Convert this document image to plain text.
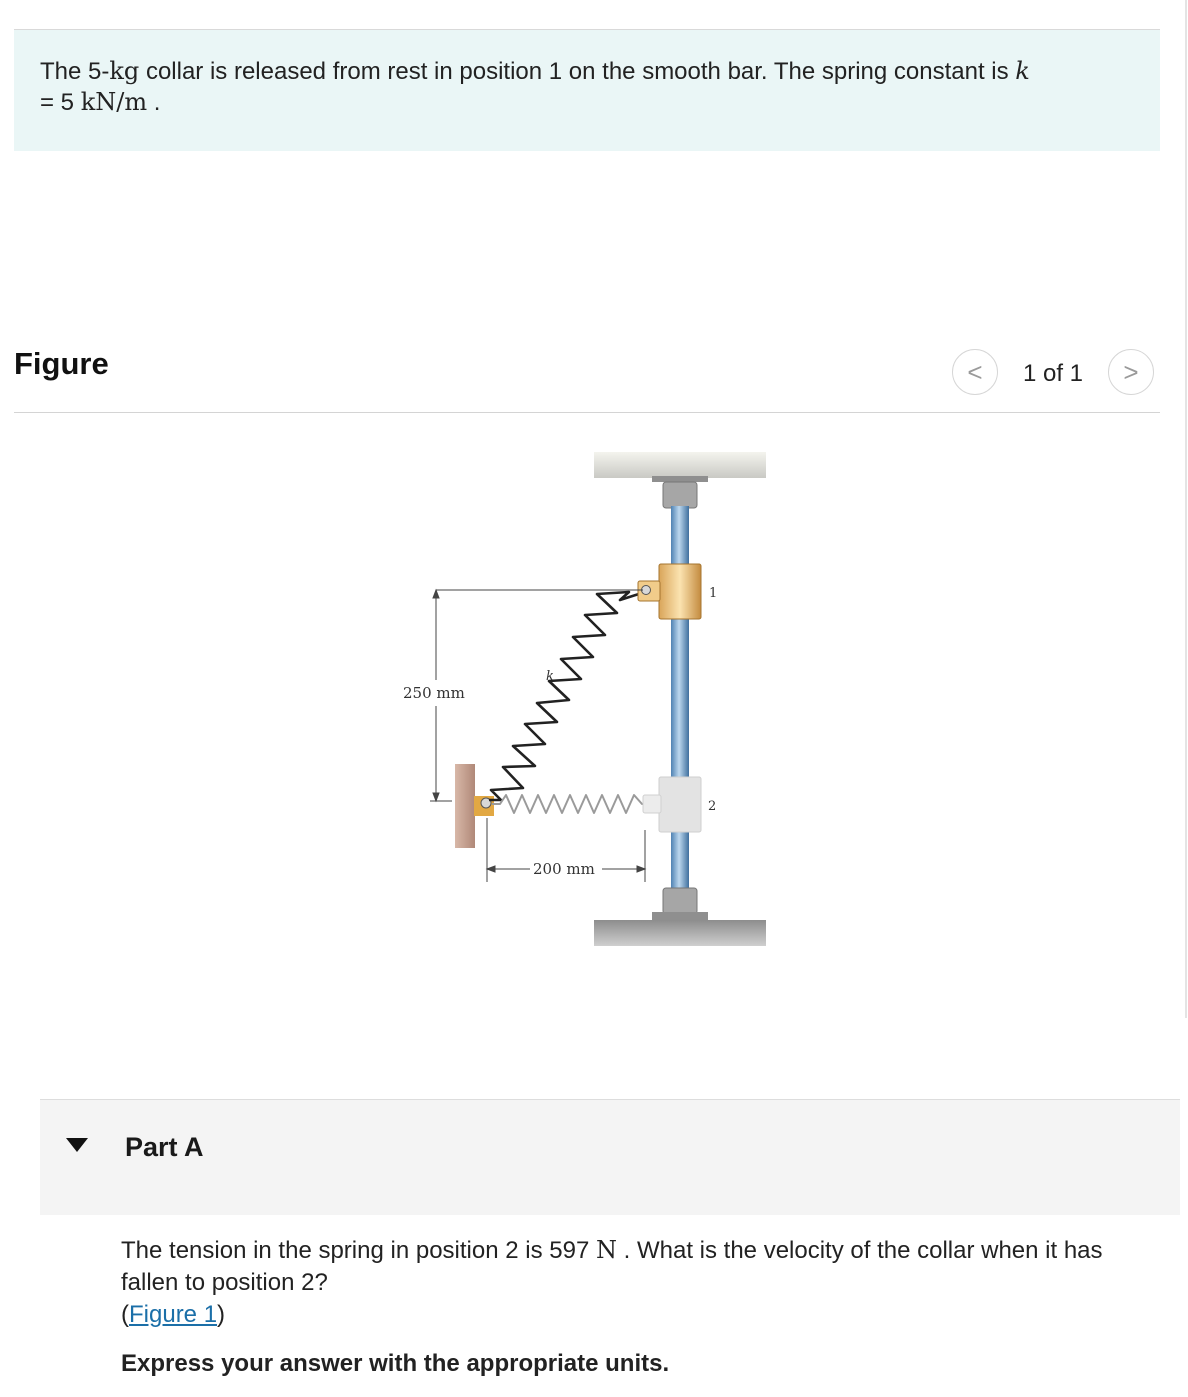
The 5-kg collar is released from rest in position 1 on the smooth bar. The spring constant is k
= 5 kN/m .
Figure	<	1 of 1	>
1
2
k
250 mm
200 mm
Part A
The tension in the spring in position 2 is 597 N . What is the velocity of the collar when it has fallen to position 2?
(Figure 1)
Express your answer with the appropriate units.
